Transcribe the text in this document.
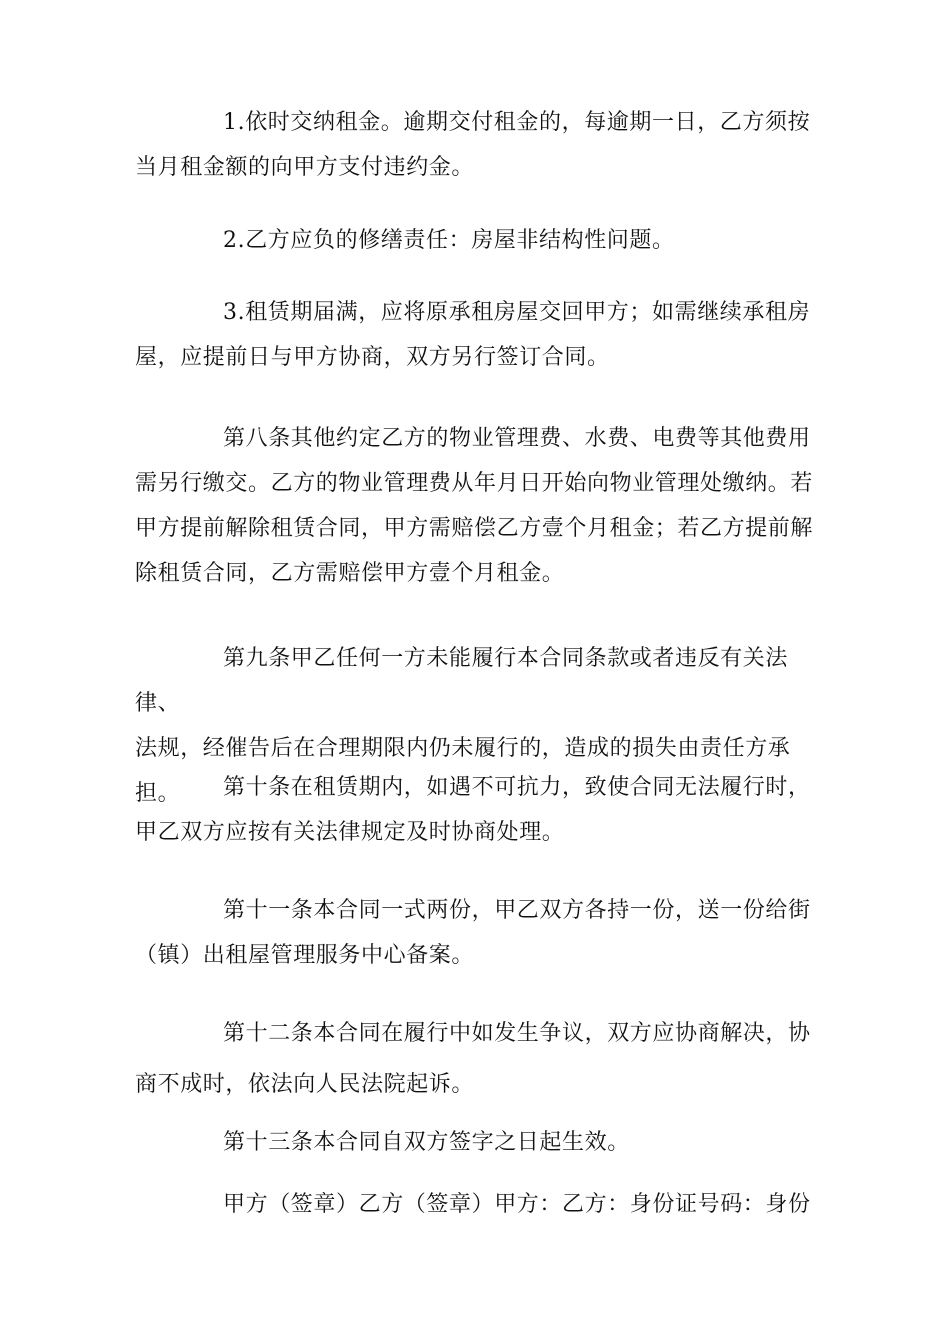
1.依时交纳租金。逾期交付租金的，每逾期一日，乙方须按
当月租金额的向甲方支付违约金。

2.乙方应负的修缮责任：房屋非结构性问题。

3.租赁期届满，应将原承租房屋交回甲方；如需继续承租房
屋，应提前日与甲方协商，双方另行签订合同。

第八条其他约定乙方的物业管理费、水费、电费等其他费用
需另行缴交。乙方的物业管理费从年月日开始向物业管理处缴纳。若
甲方提前解除租赁合同，甲方需赔偿乙方壹个月租金；若乙方提前解
除租赁合同，乙方需赔偿甲方壹个月租金。

第九条甲乙任何一方未能履行本合同条款或者违反有关法律、
法规，经催告后在合理期限内仍未履行的，造成的损失由责任方承担。	第十条在租赁期内，如遇不可抗力，致使合同无法履行时，
甲乙双方应按有关法律规定及时协商处理。

第十一条本合同一式两份，甲乙双方各持一份，送一份给街
（镇）出租屋管理服务中心备案。

第十二条本合同在履行中如发生争议，双方应协商解决，协
商不成时，依法向人民法院起诉。

第十三条本合同自双方签字之日起生效。

甲方（签章）乙方（签章）甲方：乙方：身份证号码：身份
